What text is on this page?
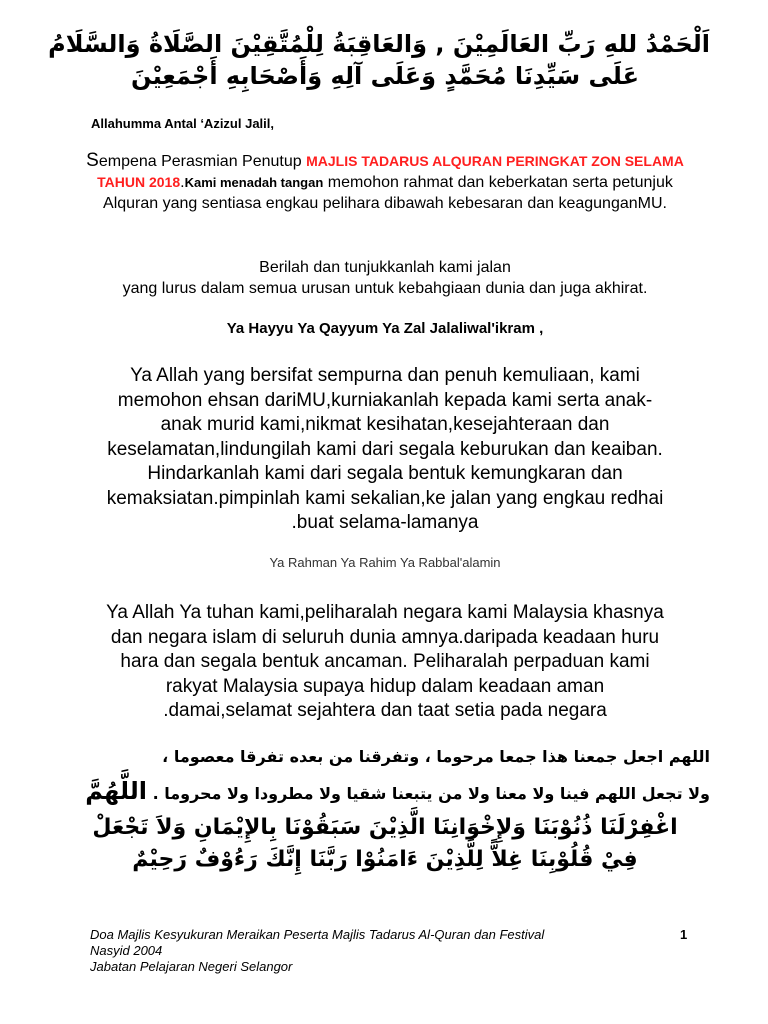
اَلْحَمْدُ للهِ رَبِّ العَالَمِيْنَ , وَالعَاقِبَةُ لِلْمُتَّقِيْنَ الصَّلَاةُ وَالسَّلَامُ
عَلَى سَيِّدِنَا مُحَمَّدٍ وَعَلَى آلِهِ وَأَصْحَابِهِ أَجْمَعِيْنَ
Allahumma Antal ‘Azizul Jalil,
Sempena Perasmian Penutup MAJLIS TADARUS ALQURAN PERINGKAT ZON SELAMA TAHUN 2018.Kami menadah tangan memohon rahmat dan keberkatan serta petunjuk Alquran yang sentiasa engkau pelihara dibawah kebesaran dan keagunganMU.
Berilah dan tunjukkanlah kami jalan
yang lurus dalam semua urusan untuk kebahgiaan dunia dan juga akhirat.
Ya Hayyu Ya Qayyum Ya Zal Jalaliwal'ikram ,
Ya Allah yang bersifat sempurna dan penuh kemuliaan, kami
memohon ehsan dariMU,kurniakanlah kepada kami serta anak-
anak murid kami,nikmat kesihatan,kesejahteraan dan
keselamatan,lindungilah kami dari segala keburukan dan keaiban.
Hindarkanlah kami dari segala bentuk kemungkaran dan
kemaksiatan.pimpinlah kami sekalian,ke jalan yang engkau redhai
.buat selama-lamanya
Ya Rahman Ya Rahim Ya Rabbal'alamin
Ya Allah Ya tuhan kami,peliharalah negara kami Malaysia khasnya
dan negara islam di seluruh dunia amnya.daripada keadaan huru
hara dan segala bentuk ancaman. Peliharalah perpaduan kami
rakyat Malaysia supaya hidup dalam keadaan aman
.damai,selamat sejahtera dan taat setia pada negara
اللهم اجعل جمعنا هذا جمعا مرحوما ، وتفرقنا من بعده تفرقا معصوما ،
ولا تجعل اللهم فينا ولا معنا ولا من يتبعنا شقيا ولا مطرودا ولا محروما . اللَّهُمَّ
اغْفِرْلَنَا ذُنُوْبَنَا وَلإِخْوَانِنَا الَّذِيْنَ سَبَقُوْنَا بِالإِيْمَانِ وَلاَ تَجْعَلْ
فِيْ قُلُوْبِنَا غِلاًّ لِلَّذِيْنَ ءَامَنُوْا رَبَّنَا إِنَّكَ رَءُوْفٌ رَحِيْمٌ
Doa Majlis Kesyukuran Meraikan Peserta Majlis Tadarus Al-Quran dan Festival
Nasyid 2004
Jabatan Pelajaran Negeri Selangor
1
